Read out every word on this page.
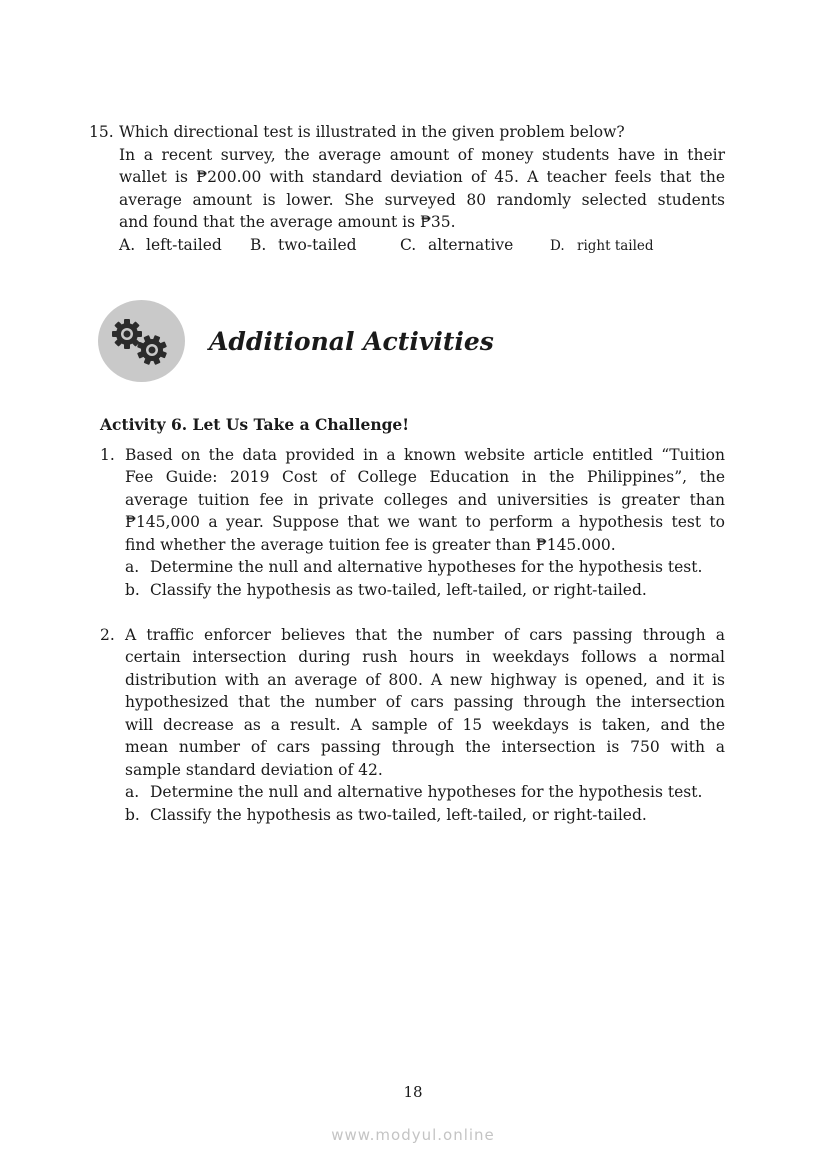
15. Which directional test is illustrated in the given problem below?
In a recent survey, the average amount of money students have in their
wallet is ₱200.00 with standard deviation of 45. A teacher feels that the
average amount is lower. She surveyed 80 randomly selected students
and found that the average amount is ₱35.
A. left-tailed B. two-tailed	C. alternative	D. right tailed
Additional Activities
Activity 6. Let Us Take a Challenge!
1. Based on the data provided in a known website article entitled “Tuition
Fee Guide: 2019 Cost of College Education in the Philippines”, the
average tuition fee in private colleges and universities is greater than
₱145,000 a year. Suppose that we want to perform a hypothesis test to
find whether the average tuition fee is greater than ₱145.000.
a. Determine the null and alternative hypotheses for the hypothesis test.
b. Classify the hypothesis as two-tailed, left-tailed, or right-tailed.
2. A traffic enforcer believes that the number of cars passing through a
certain intersection during rush hours in weekdays follows a normal
distribution with an average of 800. A new highway is opened, and it is
hypothesized that the number of cars passing through the intersection
will decrease as a result. A sample of 15 weekdays is taken, and the
mean number of cars passing through the intersection is 750 with a
sample standard deviation of 42.
a. Determine the null and alternative hypotheses for the hypothesis test.
b. Classify the hypothesis as two-tailed, left-tailed, or right-tailed.
18
www.modyul.online
